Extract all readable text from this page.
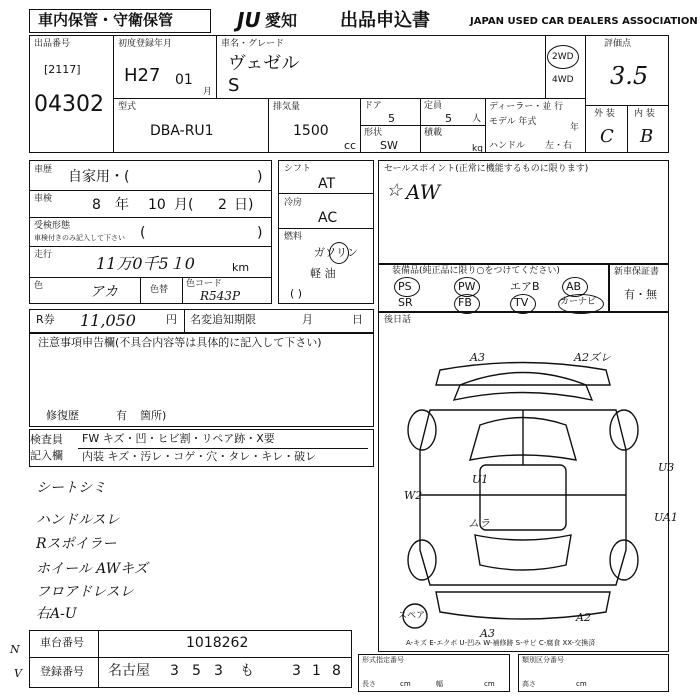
車内保管・守衛保管	JU 愛知 出品申込書	JAPAN USED CAR DEALERS ASSOCIATION
出品番号
[2117]
04302
初度登録年月
H27 01
月
車名・グレード
ヴェゼル
S
2WD
4WD
評価点
3.5
外 装 内 装
C B
型式
DBA-RU1
排気量
1500
cc
ドア
5
定員
5 人
形状
SW
積載
kg
ディーラー・並 行
モデル 年式
年
ハンドル 左・右
車歴 自家用・(	)
車検	8 年 10 月( 2 日)
受検形態
車検付きのみ記入して下さい (	)
走行	11万0千5１0	km
色	アカ	色替
色コード
R543P
シフト
AT
冷房
AC
燃料
ガソリン
軽 油
( )
セールスポイント(正常に機能するものに限ります)
AW
☆
装備品(純正品に限り○をつけてください)
PS	PW	エアB AB
SR	FB	TV	カーナビ
新車保証書
有・無
R券 11,050	円 名変追知期限	月	日 後日話
注意事項申告欄(不具合内容等は具体的に記入して下さい)
修復歴	有 箇所)
検査員
記入欄
FW キズ・凹・ヒビ割・リペア跡・X要
内装 キズ・汚レ・コゲ・穴・タレ・キレ・破レ
シートシミ
ハンドルスレ
Rスポイラー
ホイール AWキズ
フロアドレスレ
右A-U
A3	A2ズレ
U1
W2
U3
UA1
ムラ
スペア
A3
A2
A-キズ E-エクボ U-凹み W-補修跡 S-サビ C-腐食 XX-交換済
車台番号	1018262
登録番号 名古屋 3 5 3 も	3 1 8
形式指定番号
長さ	cm	幅	cm
類別区分番号
高さ	cm
N
V
